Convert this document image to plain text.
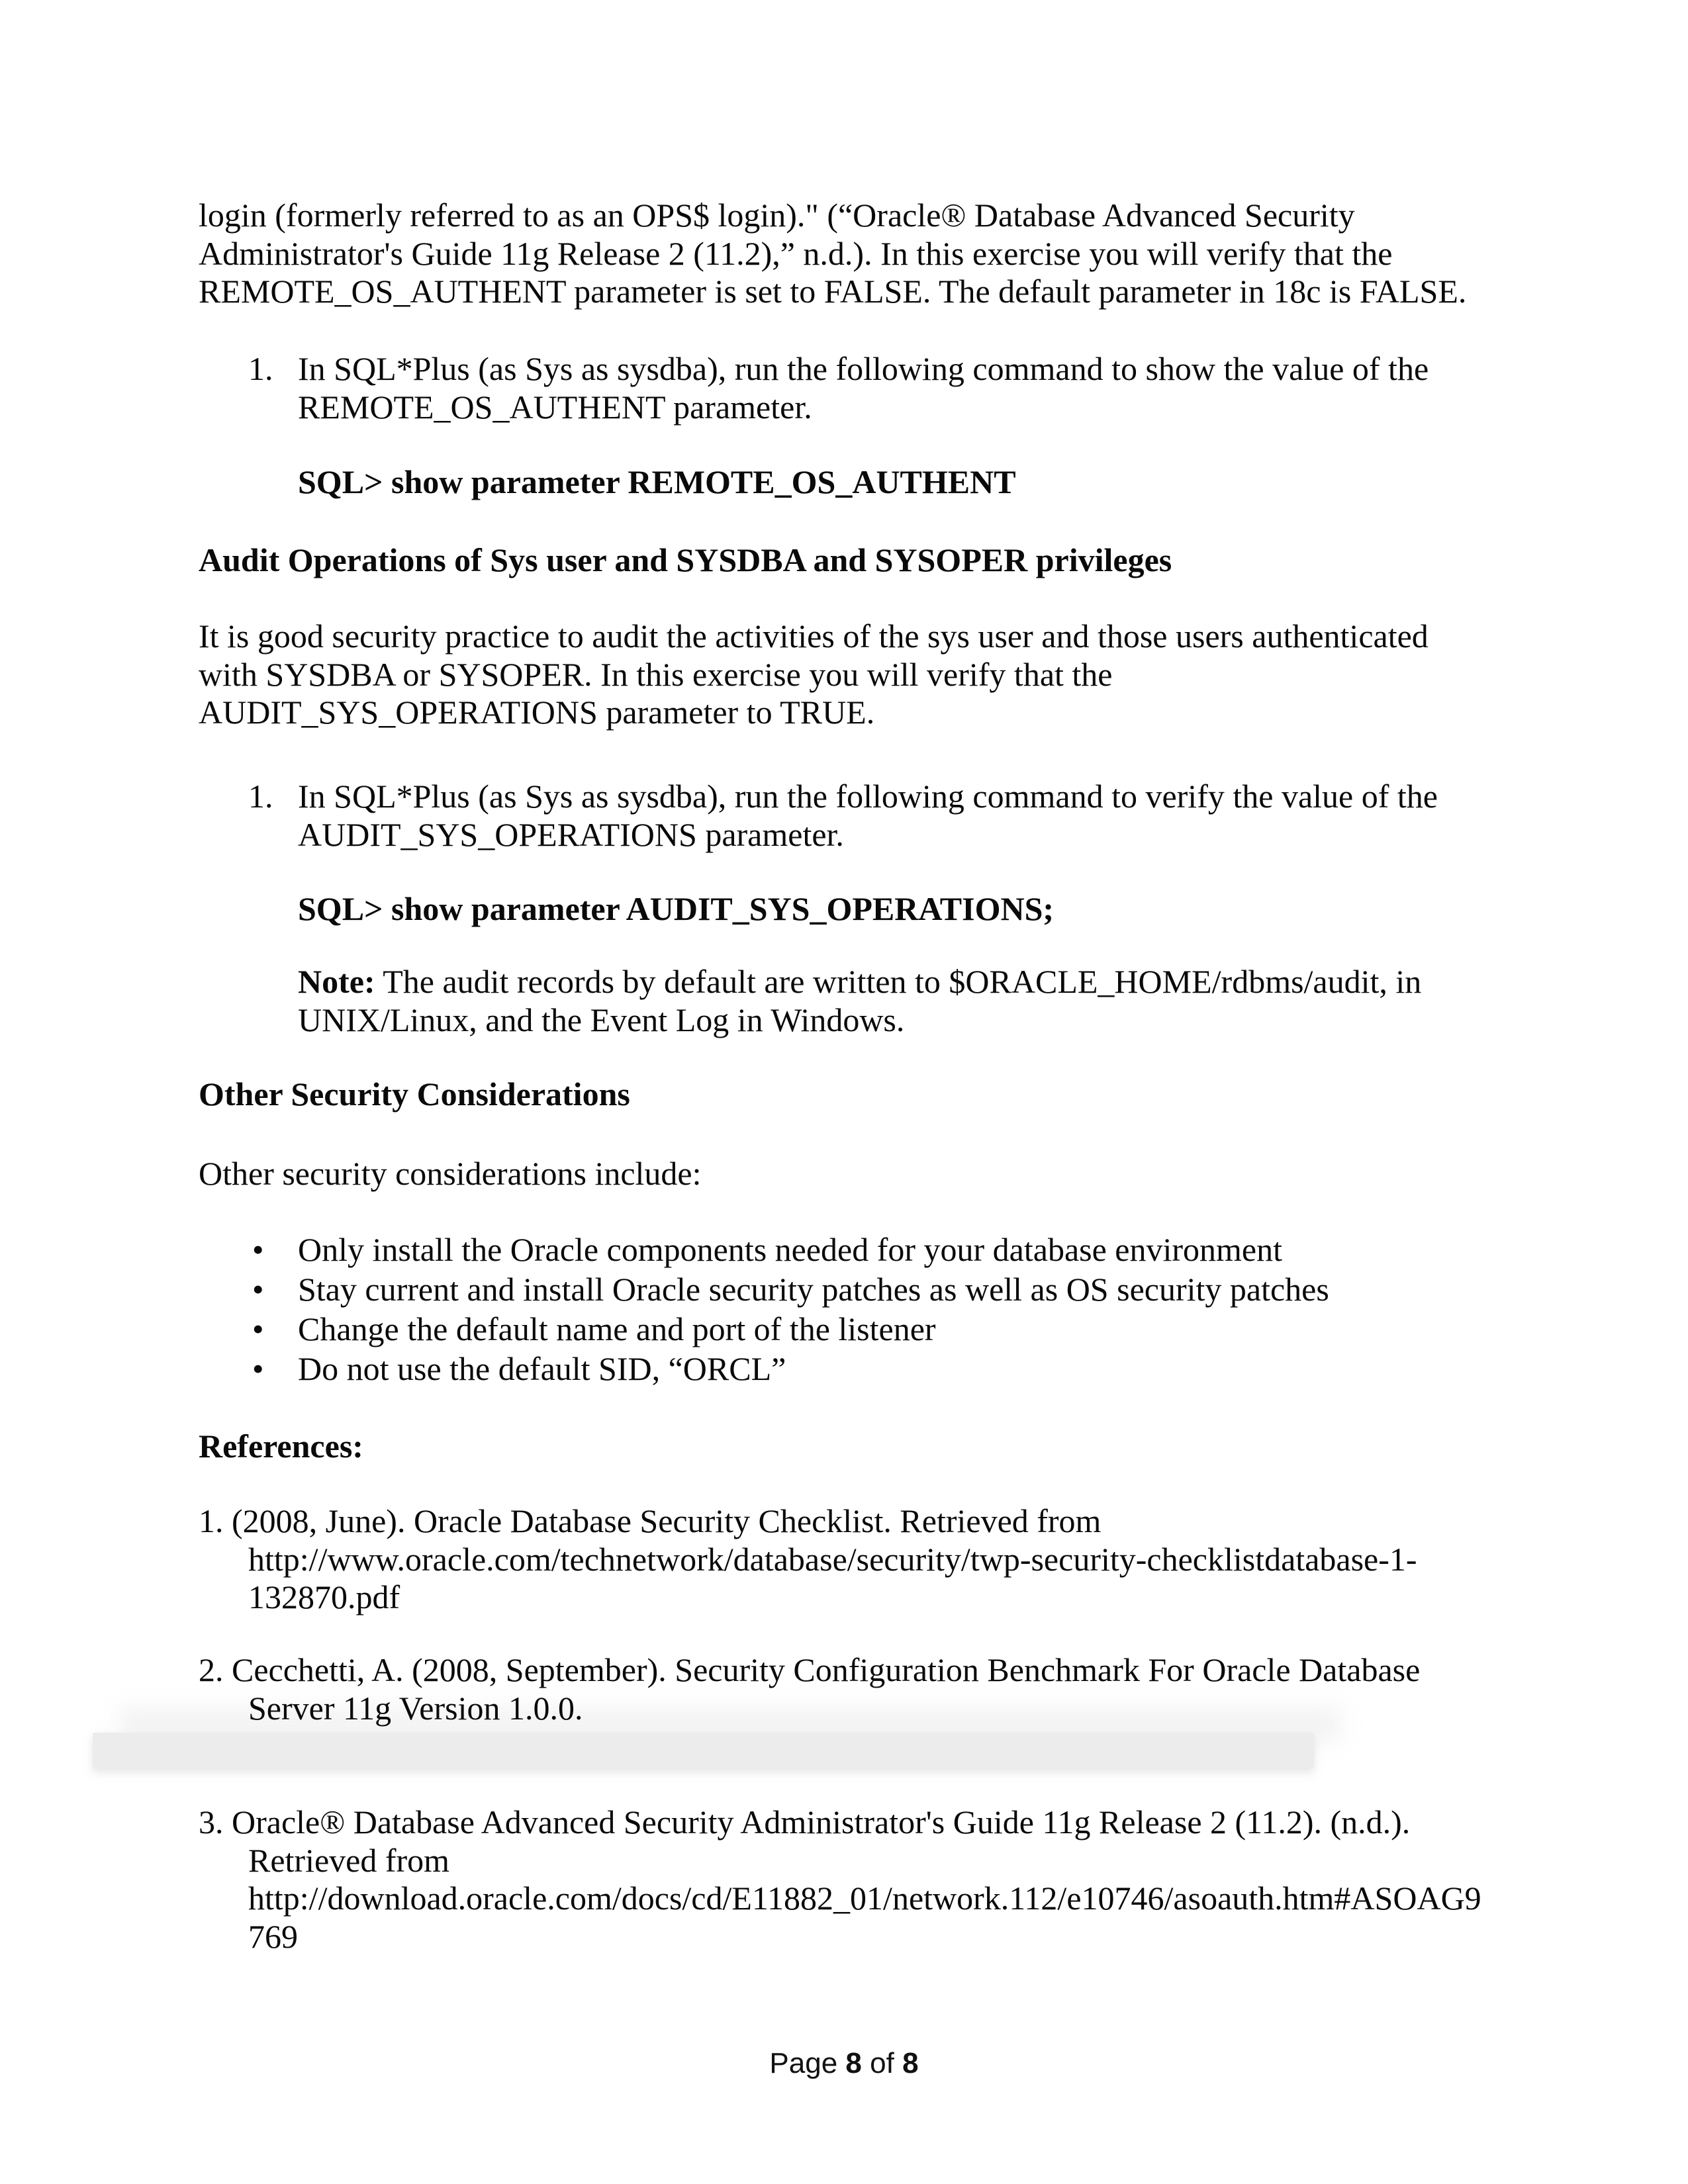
login (formerly referred to as an OPS$ login)." (“Oracle® Database Advanced Security
Administrator's Guide 11g Release 2 (11.2),” n.d.). In this exercise you will verify that the
REMOTE_OS_AUTHENT parameter is set to FALSE. The default parameter in 18c is FALSE.
1. In SQL*Plus (as Sys as sysdba), run the following command to show the value of the
REMOTE_OS_AUTHENT parameter.
SQL> show parameter REMOTE_OS_AUTHENT
Audit Operations of Sys user and SYSDBA and SYSOPER privileges
It is good security practice to audit the activities of the sys user and those users authenticated
with SYSDBA or SYSOPER. In this exercise you will verify that the
AUDIT_SYS_OPERATIONS parameter to TRUE.
1. In SQL*Plus (as Sys as sysdba), run the following command to verify the value of the
AUDIT_SYS_OPERATIONS parameter.
SQL> show parameter AUDIT_SYS_OPERATIONS;
Note: The audit records by default are written to $ORACLE_HOME/rdbms/audit, in
UNIX/Linux, and the Event Log in Windows.
Other Security Considerations
Other security considerations include:
• Only install the Oracle components needed for your database environment
• Stay current and install Oracle security patches as well as OS security patches
• Change the default name and port of the listener
• Do not use the default SID, “ORCL”
References:
1. (2008, June). Oracle Database Security Checklist. Retrieved from
http://www.oracle.com/technetwork/database/security/twp-security-checklistdatabase-1-
132870.pdf
2. Cecchetti, A. (2008, September). Security Configuration Benchmark For Oracle Database
Server 11g Version 1.0.0.
3. Oracle® Database Advanced Security Administrator's Guide 11g Release 2 (11.2). (n.d.).
Retrieved from
http://download.oracle.com/docs/cd/E11882_01/network.112/e10746/asoauth.htm#ASOAG9
769
Page 8 of 8
